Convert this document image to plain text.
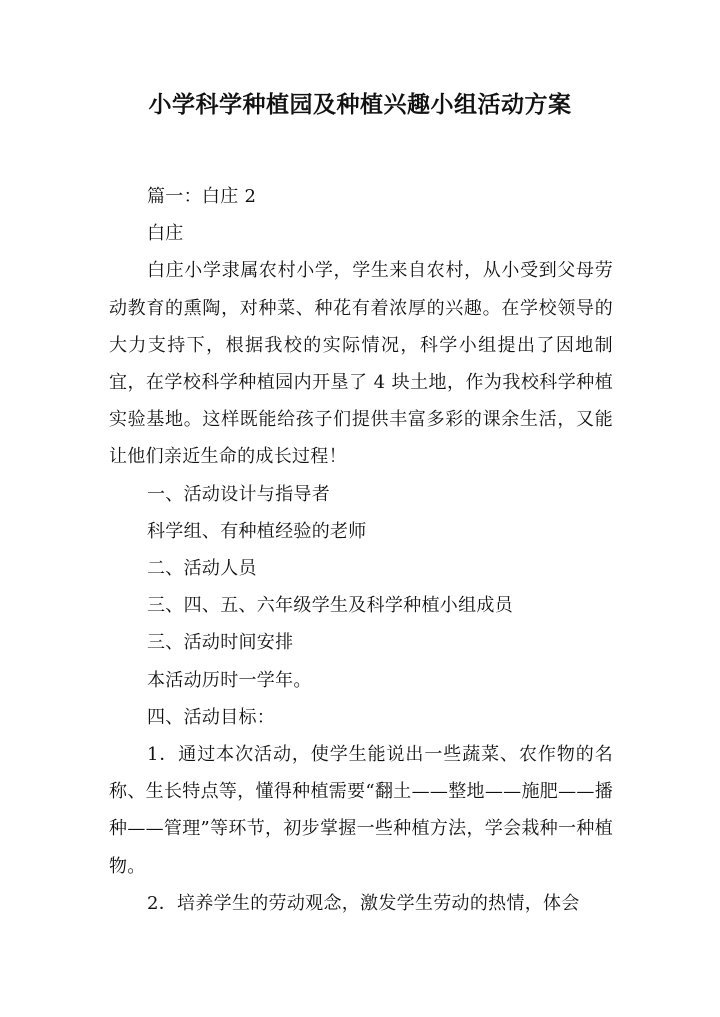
小学科学种植园及种植兴趣小组活动方案

篇一：白庄 2

白庄

白庄小学隶属农村小学，学生来自农村，从小受到父母劳动教育的熏陶，对种菜、种花有着浓厚的兴趣。在学校领导的大力支持下，根据我校的实际情况，科学小组提出了因地制宜，在学校科学种植园内开垦了 4 块土地，作为我校科学种植实验基地。这样既能给孩子们提供丰富多彩的课余生活，又能让他们亲近生命的成长过程！

一、活动设计与指导者

科学组、有种植经验的老师

二、活动人员

三、四、五、六年级学生及科学种植小组成员

三、活动时间安排

本活动历时一学年。

四、活动目标：

1．通过本次活动，使学生能说出一些蔬菜、农作物的名称、生长特点等，懂得种植需要“翻土——整地——施肥——播种——管理”等环节，初步掌握一些种植方法，学会栽种一种植物。

2．培养学生的劳动观念，激发学生劳动的热情，体会
